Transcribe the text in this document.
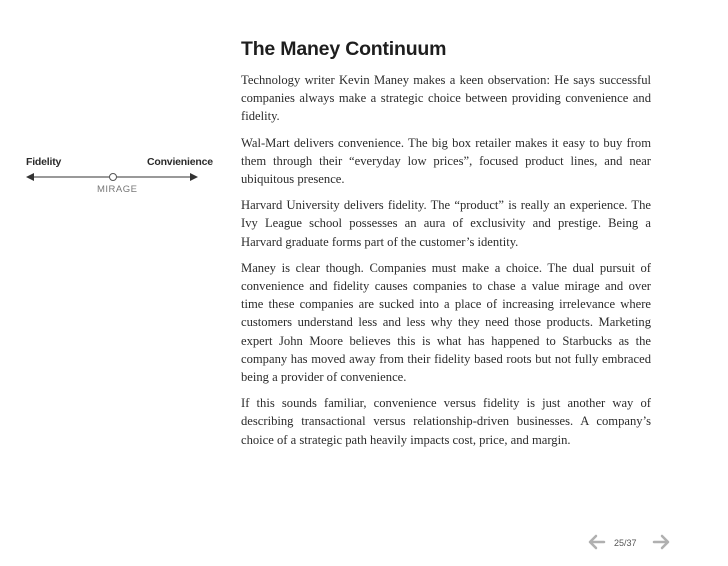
Fidelity	Convienience
MIRAGE
The Maney Continuum

Technology writer Kevin Maney makes a keen observation: He says successful companies always make a strategic choice between providing convenience and fidelity.

Wal-Mart delivers convenience. The big box retailer makes it easy to buy from them through their “everyday low prices”, focused product lines, and near ubiquitous presence.

Harvard University delivers fidelity. The “product” is really an experience. The Ivy League school possesses an aura of exclusivity and prestige. Being a Harvard graduate forms part of the customer’s identity.

Maney is clear though. Companies must make a choice. The dual pursuit of convenience and fidelity causes companies to chase a value mirage and over time these companies are sucked into a place of increasing irrelevance where customers understand less and less why they need those products. Marketing expert John Moore believes this is what has happened to Starbucks as the company has moved away from their fidelity based roots but not fully embraced being a provider of convenience.

If this sounds familiar, convenience versus fidelity is just another way of describing transactional versus relationship-driven businesses. A company’s choice of a strategic path heavily impacts cost, price, and margin.

25/37
